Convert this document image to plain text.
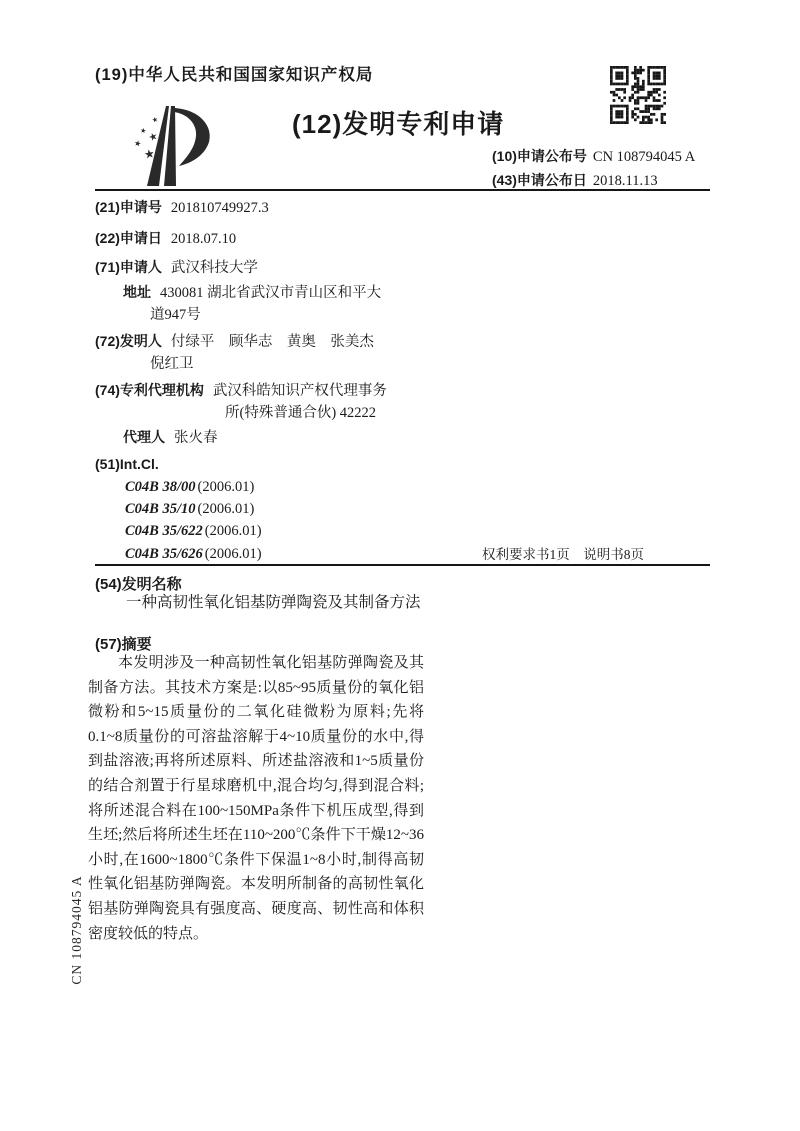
(19)中华人民共和国国家知识产权局
★
★ ★
★
★
(12)发明专利申请
(10)申请公布号 CN 108794045 A
(43)申请公布日 2018.11.13
(21)申请号 201810749927.3
(22)申请日 2018.07.10
(71)申请人 武汉科技大学
地址 430081 湖北省武汉市青山区和平大
道947号
(72)发明人 付绿平　顾华志　黄奥　张美杰
倪红卫
(74)专利代理机构 武汉科皓知识产权代理事务
所(特殊普通合伙) 42222
代理人 张火春
(51)Int.Cl.
C04B 38/00 (2006.01)
C04B 35/10 (2006.01)
C04B 35/622 (2006.01)
C04B 35/626 (2006.01)	权利要求书1页　说明书8页
(54)发明名称
一种高韧性氧化铝基防弹陶瓷及其制备方法
(57)摘要

本发明涉及一种高韧性氧化铝基防弹陶瓷及其制备方法。其技术方案是:以85~95质量份的氧化铝微粉和5~15质量份的二氧化硅微粉为原料;先将0.1~8质量份的可溶盐溶解于4~10质量份的水中,得到盐溶液;再将所述原料、所述盐溶液和1~5质量份的结合剂置于行星球磨机中,混合均匀,得到混合料;将所述混合料在100~150MPa条件下机压成型,得到生坯;然后将所述生坯在110~200℃条件下干燥12~36小时,在1600~1800℃条件下保温1~8小时,制得高韧性氧化铝基防弹陶瓷。本发明所制备的高韧性氧化铝基防弹陶瓷具有强度高、硬度高、韧性高和体积密度较低的特点。

CN 108794045 A
